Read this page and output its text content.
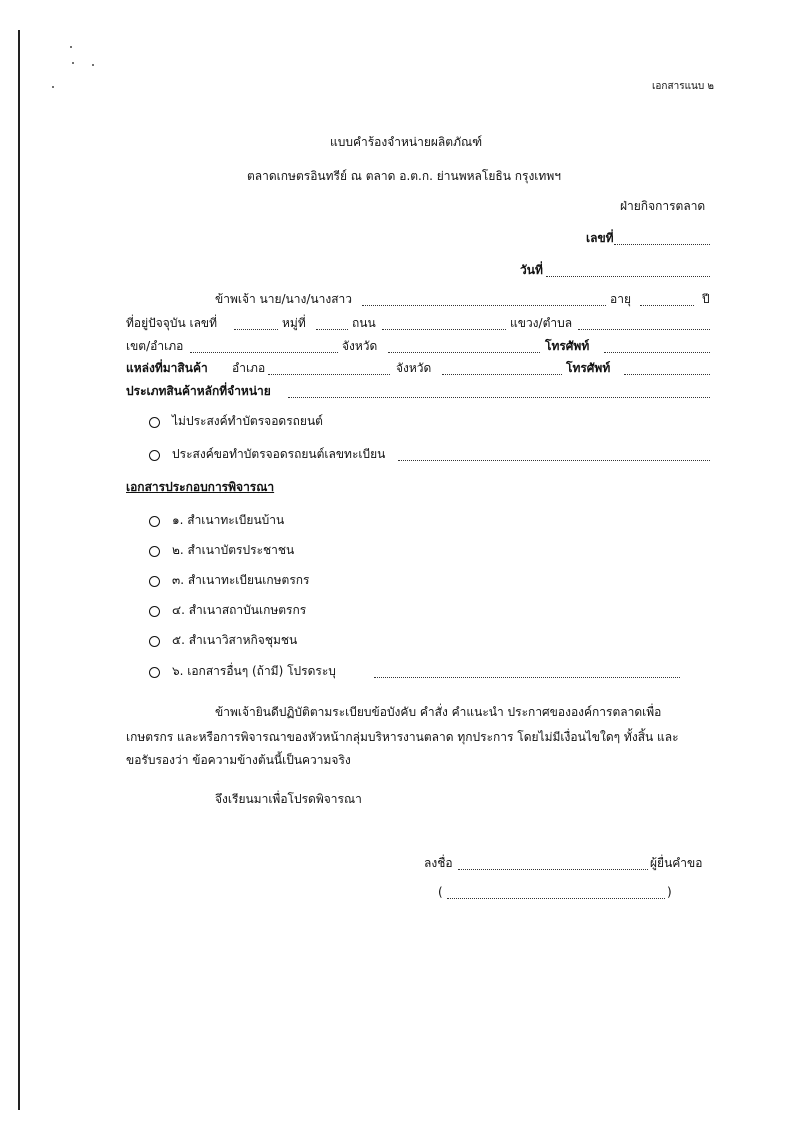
เอกสารแนบ ๒
แบบคำร้องจำหน่ายผลิตภัณฑ์
ตลาดเกษตรอินทรีย์ ณ ตลาด อ.ต.ก. ย่านพหลโยธิน กรุงเทพฯ
ฝ่ายกิจการตลาด
เลขที่
วันที่
ข้าพเจ้า นาย/นาง/นางสาว	อายุ	ปี
ที่อยู่ปัจจุบัน เลขที่	หมู่ที่	ถนน	แขวง/ตำบล
เขต/อำเภอ	จังหวัด	โทรศัพท์
แหล่งที่มาสินค้า อำเภอ	จังหวัด	โทรศัพท์
ประเภทสินค้าหลักที่จำหน่าย
ไม่ประสงค์ทำบัตรจอดรถยนต์
ประสงค์ขอทำบัตรจอดรถยนต์เลขทะเบียน
เอกสารประกอบการพิจารณา
๑. สำเนาทะเบียนบ้าน
๒. สำเนาบัตรประชาชน
๓. สำเนาทะเบียนเกษตรกร
๔. สำเนาสถาบันเกษตรกร
๕. สำเนาวิสาหกิจชุมชน
๖. เอกสารอื่นๆ (ถ้ามี) โปรดระบุ
ข้าพเจ้ายินดีปฏิบัติตามระเบียบข้อบังคับ คำสั่ง คำแนะนำ ประกาศขององค์การตลาดเพื่อ
เกษตรกร และหรือการพิจารณาของหัวหน้ากลุ่มบริหารงานตลาด ทุกประการ โดยไม่มีเงื่อนไขใดๆ ทั้งสิ้น และ
ขอรับรองว่า ข้อความข้างต้นนี้เป็นความจริง
จึงเรียนมาเพื่อโปรดพิจารณา
ลงชื่อ	ผู้ยื่นคำขอ
(	)
